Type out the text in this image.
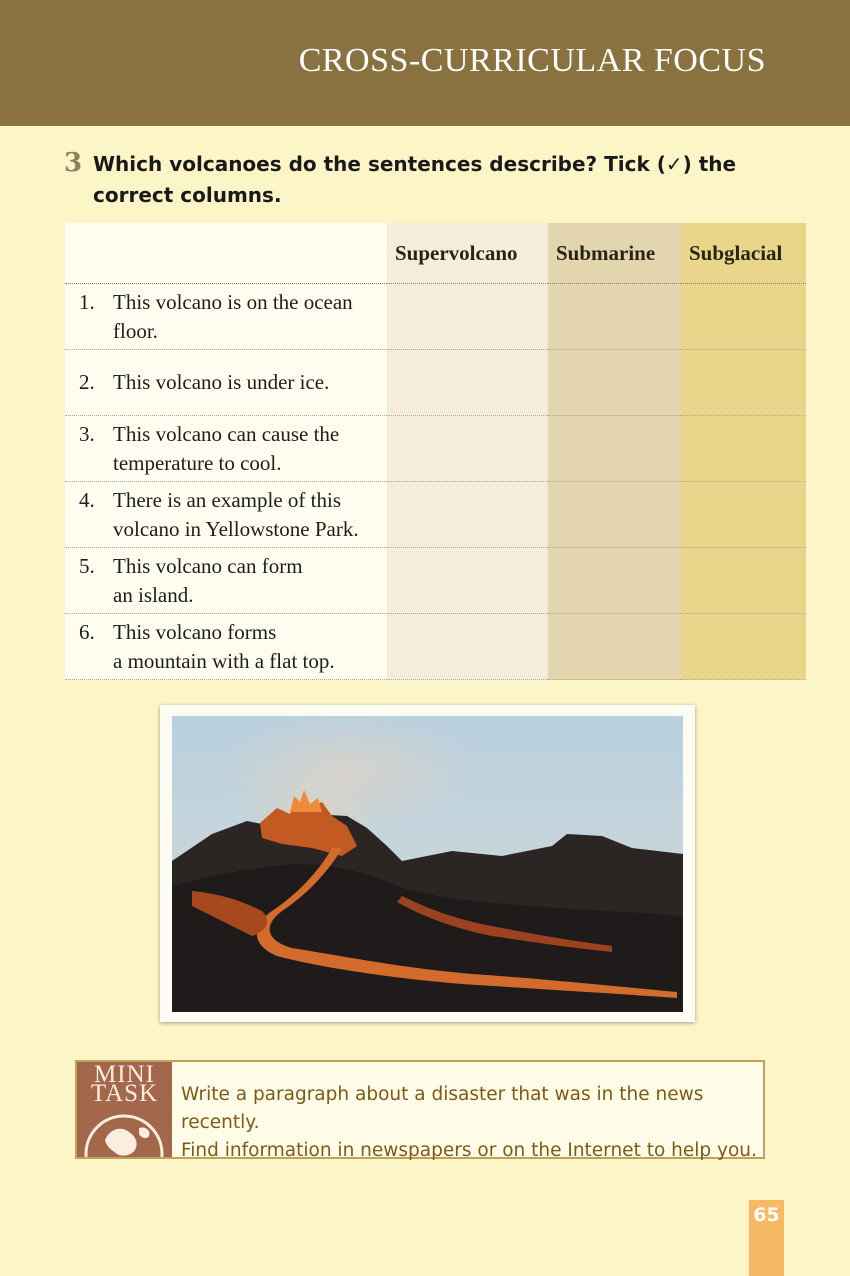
CROSS-CURRICULAR FOCUS
3 Which volcanoes do the sentences describe? Tick (✓) the
correct columns.
	Supervolcano	Submarine	Subglacial

1. This volcano is on the ocean
floor.			

2. This volcano is under ice.			

3. This volcano can cause the
temperature to cool.			

4. There is an example of this
volcano in Yellowstone Park.			

5. This volcano can form
an island.			

6. This volcano forms
a mountain with a flat top.			

MINI
TASK	Write a paragraph about a disaster that was in the news recently.
Find information in newspapers or on the Internet to help you.
65
